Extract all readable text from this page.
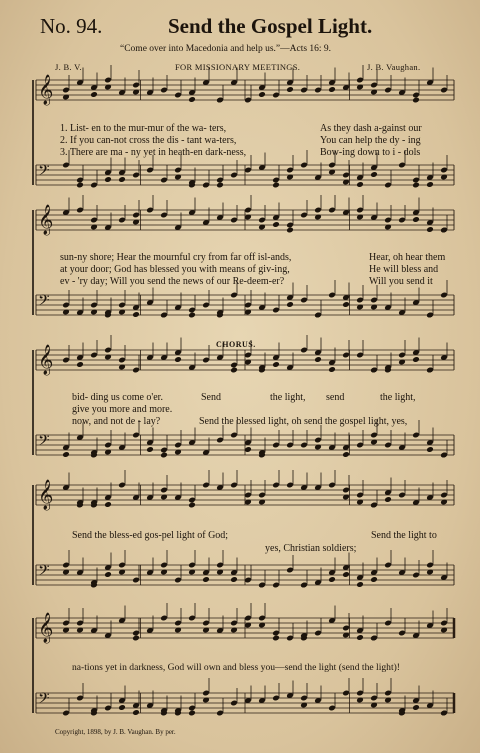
No. 94.	Send the Gospel Light.
“Come over into Macedonia and help us.”—Acts 16: 9.
J. B. V.	FOR MISSIONARY MEETINGS.	J. B. Vaughan.
𝄞
𝄢
𝄞
𝄢
𝄞
𝄢
𝄞
𝄢
𝄞
𝄢
1. List- en to the mur-mur of the wa- ters,
2. If you can-not cross the dis - tant wa-ters,
3. There are ma - ny yet in heath-en dark-ness,
As they dash a-gainst our
You can help the dy - ing
Bow-ing down to i - dols
sun-ny shore; Hear the mournful cry from far off isl-ands,
at your door; God has blessed you with means of giv-ing,
ev - 'ry day; Will you send the news of our Re-deem-er?
Hear, oh hear them
He will bless and
Will you send it
CHORUS.
bid- ding us come o'er.
give you more and more.
now, and not de - lay?
Send	the light, send	the light,
Send the blessed light, oh send the gospel light, yes,
Send the bless-ed gos-pel light of God;	Send the light to
yes, Christian soldiers;
na-tions yet in darkness, God will own and bless you—send the light (send the light)!
Copyright, 1898, by J. B. Vaughan. By per.
